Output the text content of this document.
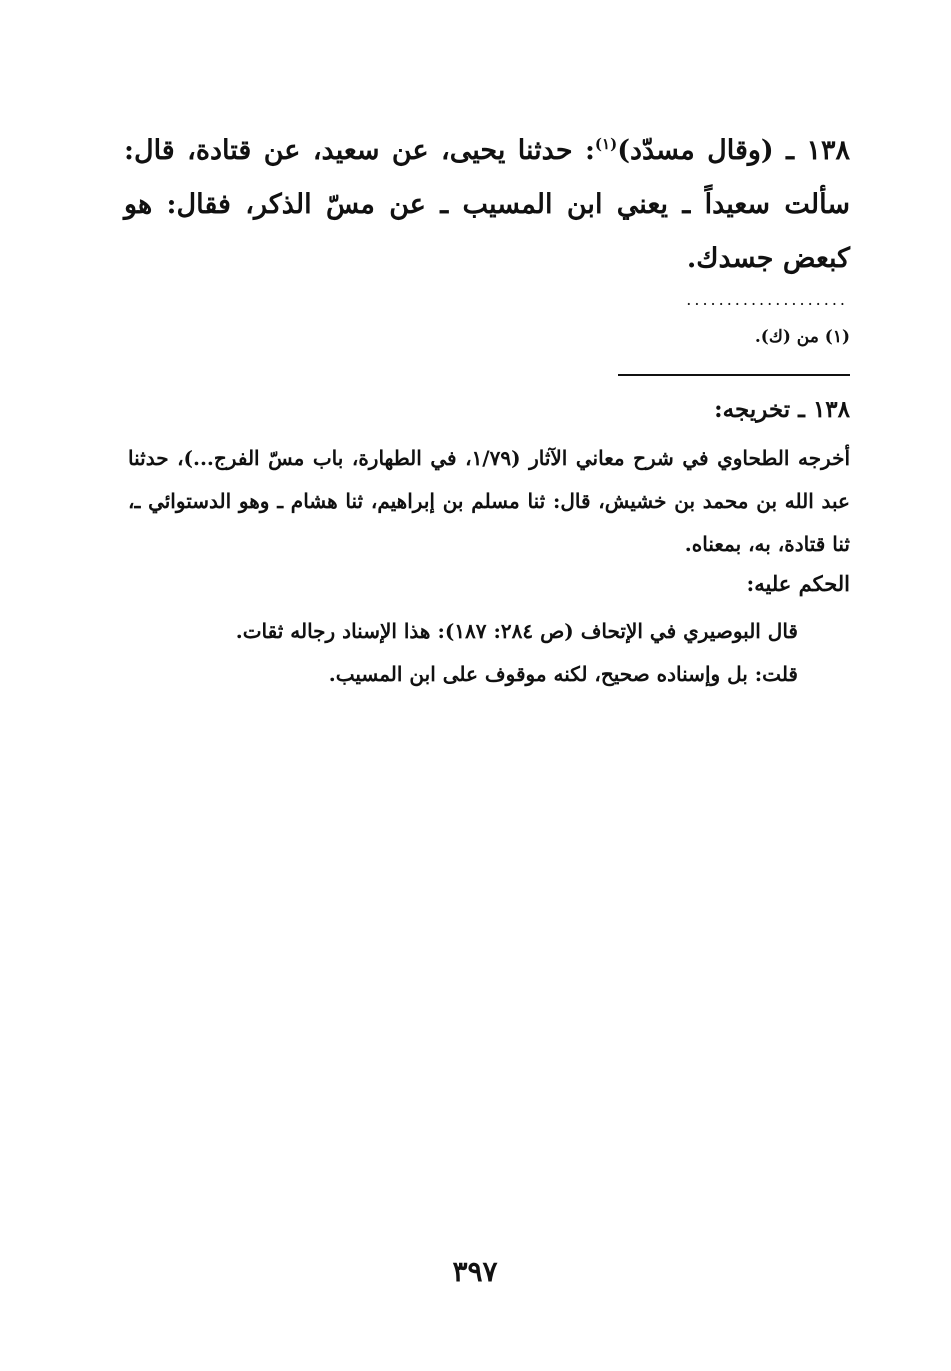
١٣٨ ـ (وقال مسدّد)$^{(١)}$: حدثنا يحيى، عن سعيد، عن قتادة، قال: سألت سعيداً ـ يعني ابن المسيب ـ عن مسّ الذكر، فقال: هو كبعض جسدك.
....................
(١) من (ك).
١٣٨ ـ تخريجه:
أخرجه الطحاوي في شرح معاني الآثار (١/٧٩، في الطهارة، باب مسّ الفرج...)، حدثنا عبد الله بن محمد بن خشيش، قال: ثنا مسلم بن إبراهيم، ثنا هشام ـ وهو الدستوائي ـ، ثنا قتادة، به، بمعناه.
الحكم عليه:
قال البوصيري في الإتحاف (ص ٢٨٤: ١٨٧): هذا الإسناد رجاله ثقات.
قلت: بل وإسناده صحيح، لكنه موقوف على ابن المسيب.
٣٩٧
